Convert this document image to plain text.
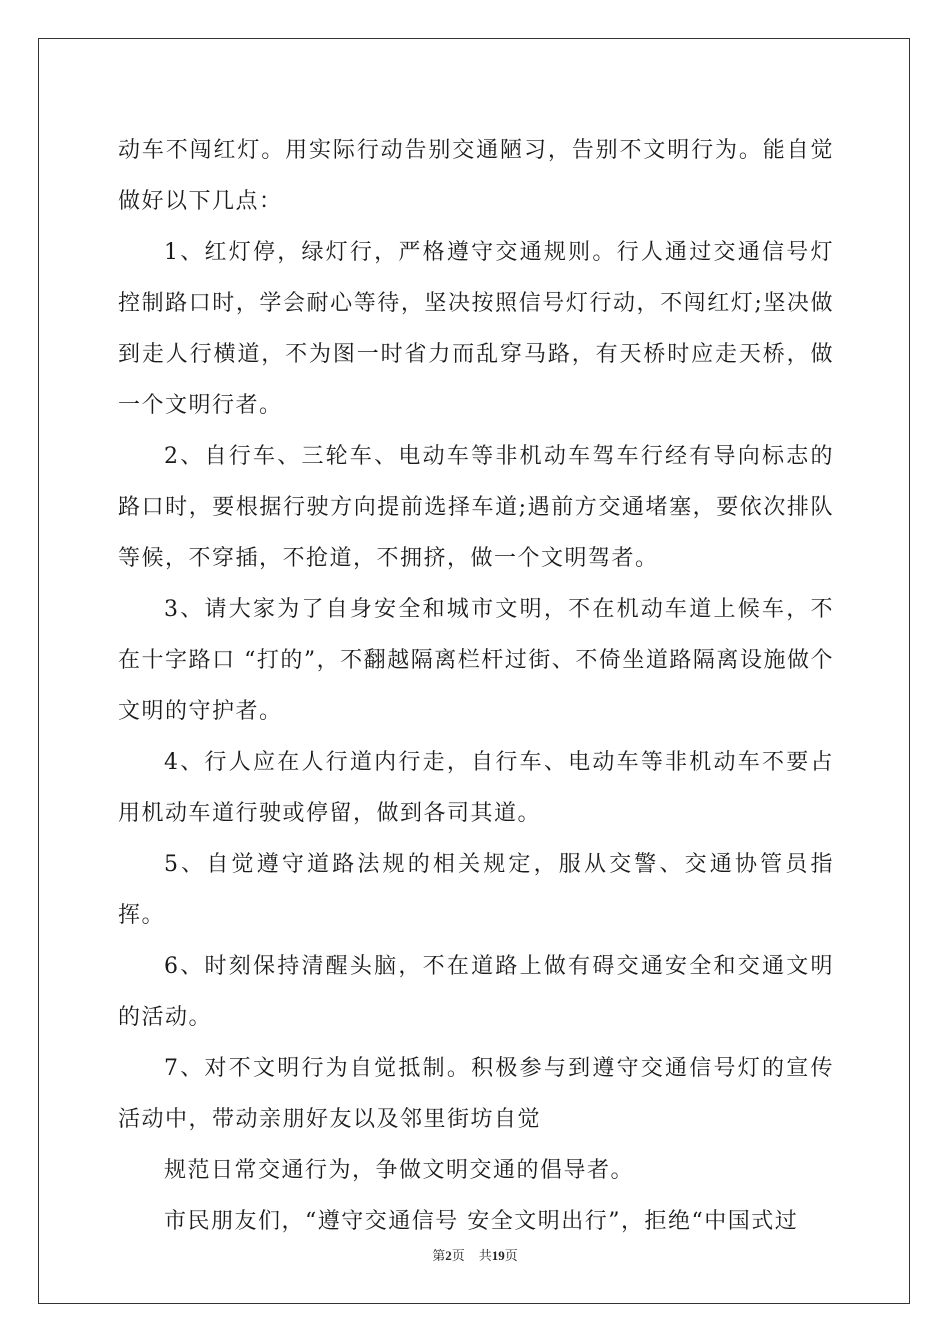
动车不闯红灯。用实际行动告别交通陋习，告别不文明行为。能自觉做好以下几点：

1、红灯停，绿灯行，严格遵守交通规则。行人通过交通信号灯控制路口时，学会耐心等待，坚决按照信号灯行动，不闯红灯;坚决做到走人行横道，不为图一时省力而乱穿马路，有天桥时应走天桥，做一个文明行者。

2、自行车、三轮车、电动车等非机动车驾车行经有导向标志的路口时，要根据行驶方向提前选择车道;遇前方交通堵塞，要依次排队等候，不穿插，不抢道，不拥挤，做一个文明驾者。

3、请大家为了自身安全和城市文明，不在机动车道上候车，不在十字路口 “打的”，不翻越隔离栏杆过街、不倚坐道路隔离设施做个文明的守护者。

4、行人应在人行道内行走，自行车、电动车等非机动车不要占用机动车道行驶或停留，做到各司其道。

5、自觉遵守道路法规的相关规定，服从交警、交通协管员指挥。

6、时刻保持清醒头脑，不在道路上做有碍交通安全和交通文明的活动。

7、对不文明行为自觉抵制。积极参与到遵守交通信号灯的宣传活动中，带动亲朋好友以及邻里街坊自觉

规范日常交通行为，争做文明交通的倡导者。

市民朋友们，“遵守交通信号 安全文明出行”，拒绝“中国式过

第2页 共19页
